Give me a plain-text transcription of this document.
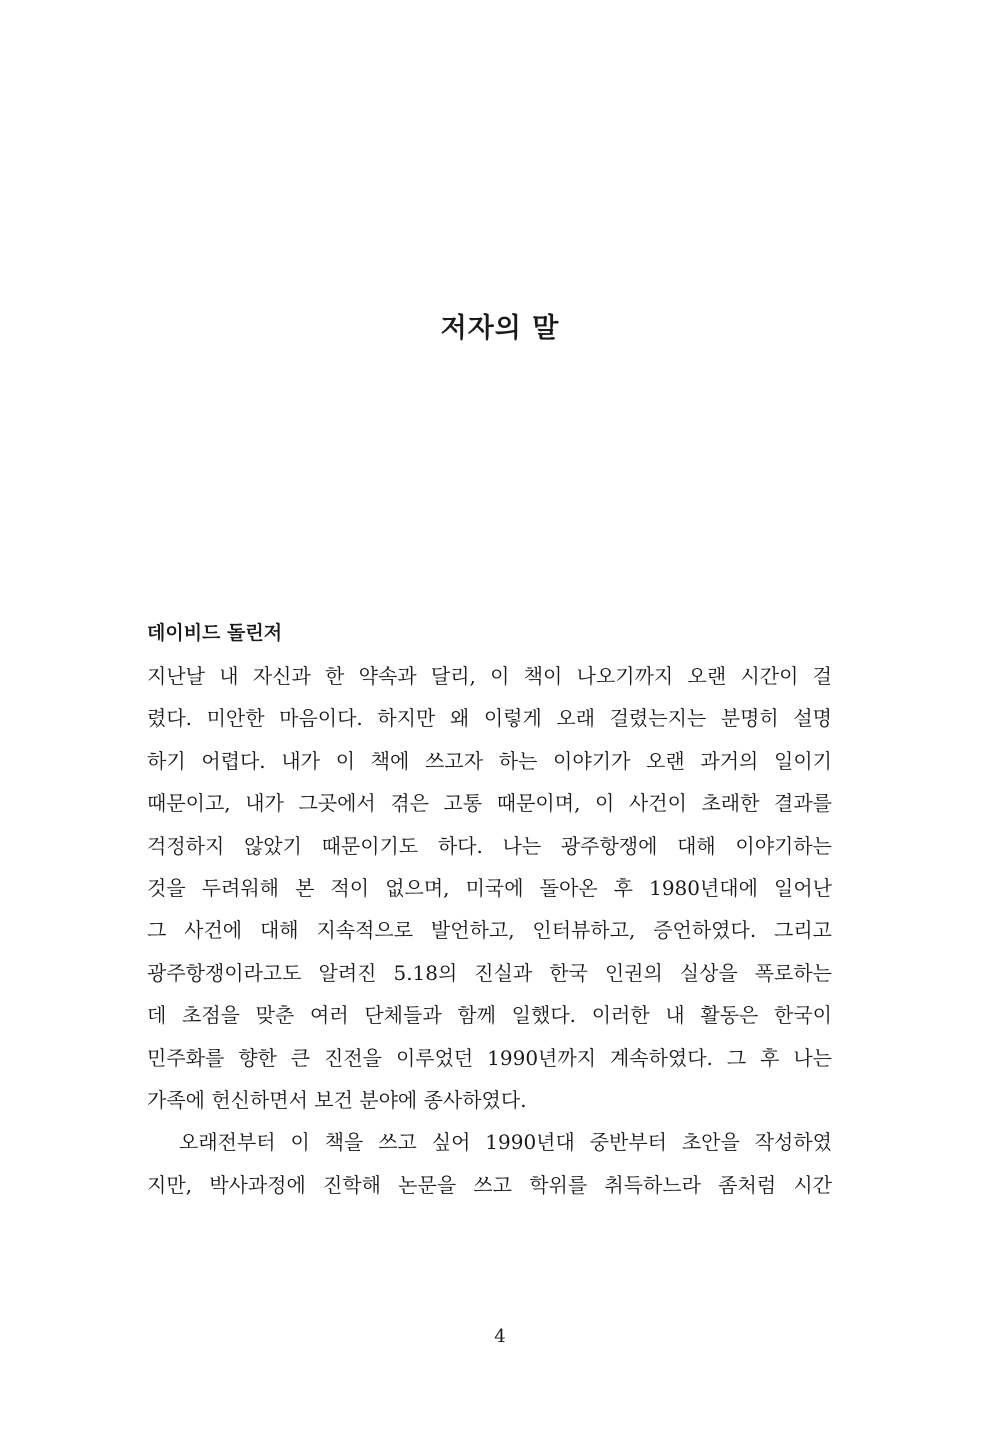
저자의 말
데이비드 돌린저
지난날 내 자신과 한 약속과 달리, 이 책이 나오기까지 오랜 시간이 걸
렸다. 미안한 마음이다. 하지만 왜 이렇게 오래 걸렸는지는 분명히 설명
하기 어렵다. 내가 이 책에 쓰고자 하는 이야기가 오랜 과거의 일이기
때문이고, 내가 그곳에서 겪은 고통 때문이며, 이 사건이 초래한 결과를
걱정하지 않았기 때문이기도 하다. 나는 광주항쟁에 대해 이야기하는
것을 두려워해 본 적이 없으며, 미국에 돌아온 후 1980년대에 일어난
그 사건에 대해 지속적으로 발언하고, 인터뷰하고, 증언하였다. 그리고
광주항쟁이라고도 알려진 5.18의 진실과 한국 인권의 실상을 폭로하는
데 초점을 맞춘 여러 단체들과 함께 일했다. 이러한 내 활동은 한국이
민주화를 향한 큰 진전을 이루었던 1990년까지 계속하였다. 그 후 나는
가족에 헌신하면서 보건 분야에 종사하였다.
오래전부터 이 책을 쓰고 싶어 1990년대 중반부터 초안을 작성하였
지만, 박사과정에 진학해 논문을 쓰고 학위를 취득하느라 좀처럼 시간
4
